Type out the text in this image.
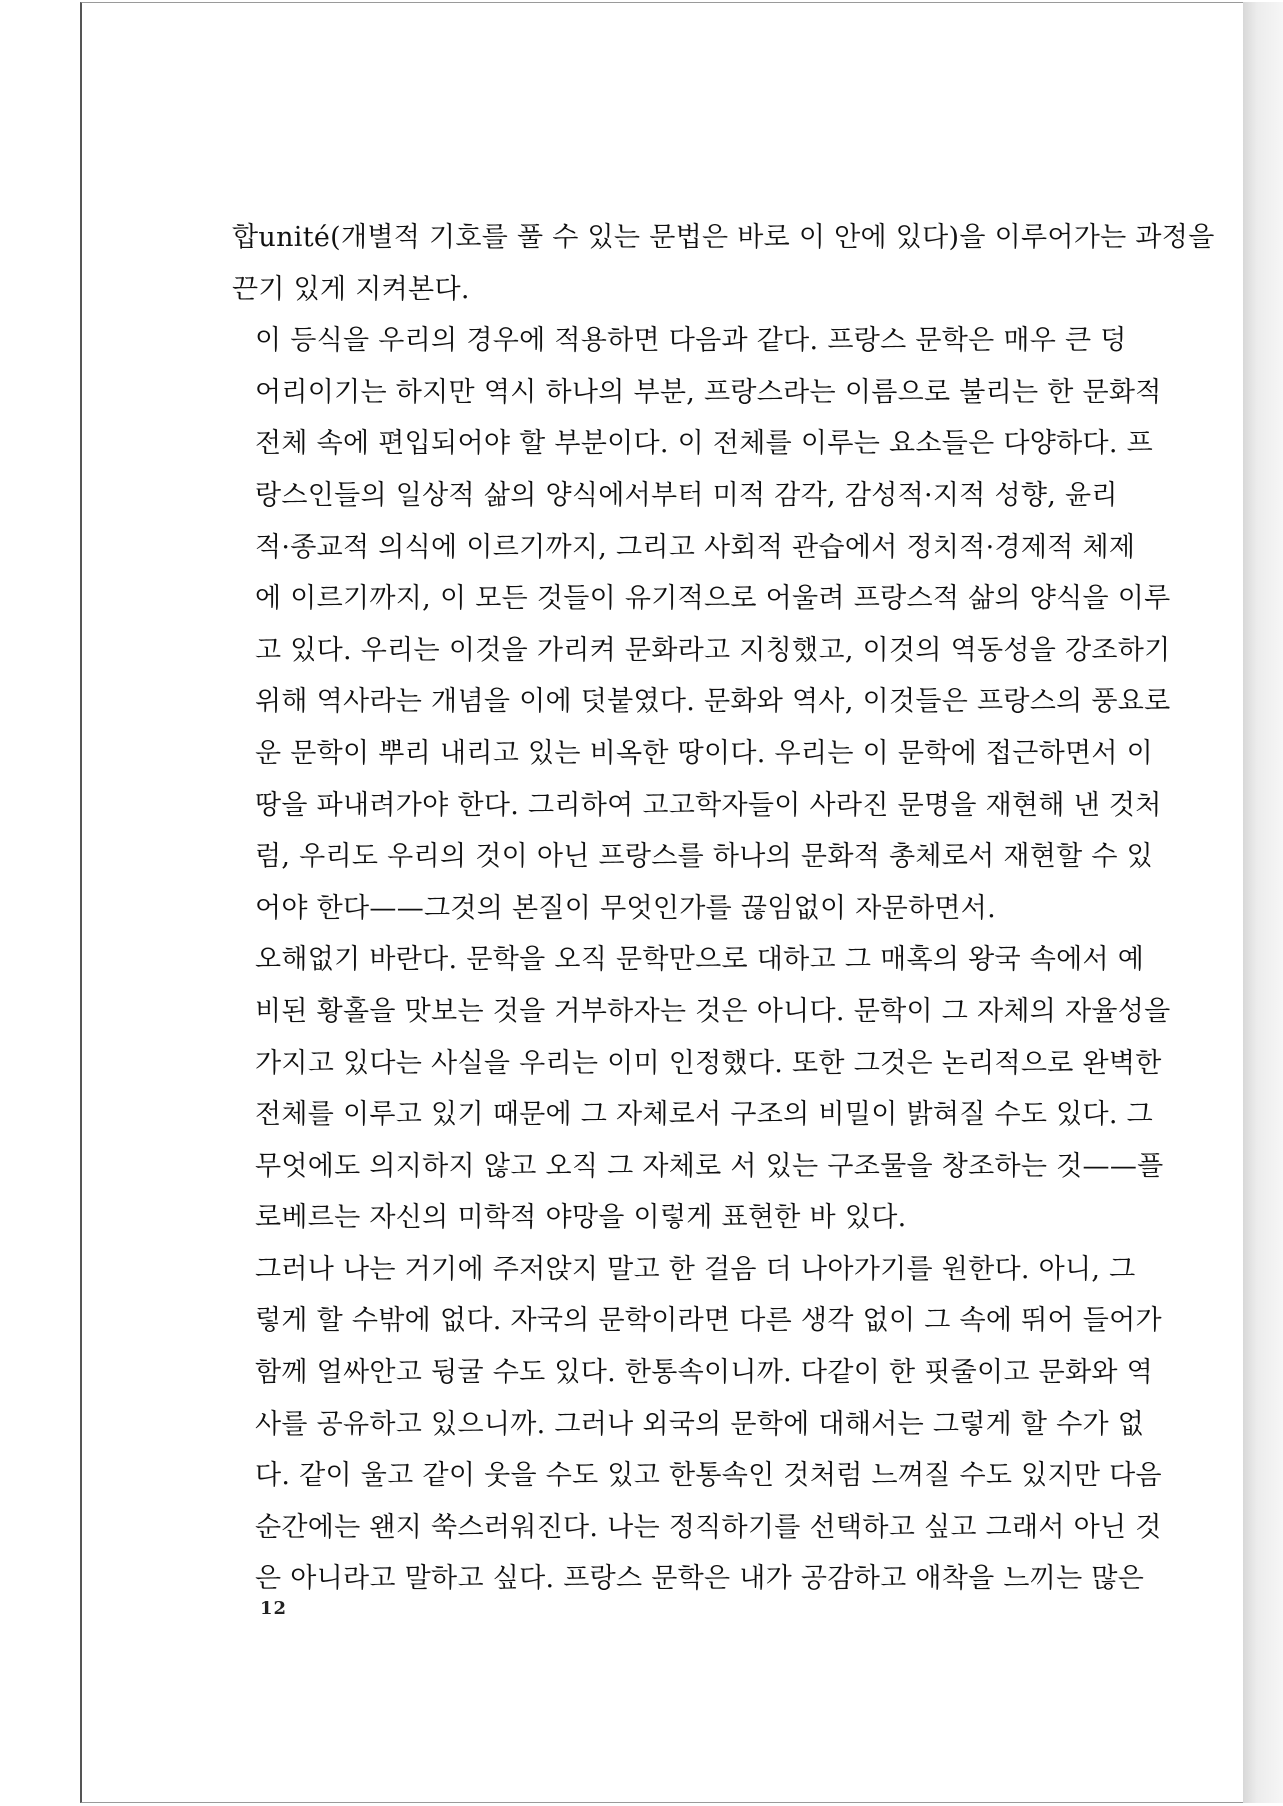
합unité(개별적 기호를 풀 수 있는 문법은 바로 이 안에 있다)을 이루어가는 과정을
끈기 있게 지켜본다.

이 등식을 우리의 경우에 적용하면 다음과 같다. 프랑스 문학은 매우 큰 덩
어리이기는 하지만 역시 하나의 부분, 프랑스라는 이름으로 불리는 한 문화적
전체 속에 편입되어야 할 부분이다. 이 전체를 이루는 요소들은 다양하다. 프
랑스인들의 일상적 삶의 양식에서부터 미적 감각, 감성적·지적 성향, 윤리
적·종교적 의식에 이르기까지, 그리고 사회적 관습에서 정치적·경제적 체제
에 이르기까지, 이 모든 것들이 유기적으로 어울려 프랑스적 삶의 양식을 이루
고 있다. 우리는 이것을 가리켜 문화라고 지칭했고, 이것의 역동성을 강조하기
위해 역사라는 개념을 이에 덧붙였다. 문화와 역사, 이것들은 프랑스의 풍요로
운 문학이 뿌리 내리고 있는 비옥한 땅이다. 우리는 이 문학에 접근하면서 이
땅을 파내려가야 한다. 그리하여 고고학자들이 사라진 문명을 재현해 낸 것처
럼, 우리도 우리의 것이 아닌 프랑스를 하나의 문화적 총체로서 재현할 수 있
어야 한다——그것의 본질이 무엇인가를 끊임없이 자문하면서.

오해없기 바란다. 문학을 오직 문학만으로 대하고 그 매혹의 왕국 속에서 예
비된 황홀을 맛보는 것을 거부하자는 것은 아니다. 문학이 그 자체의 자율성을
가지고 있다는 사실을 우리는 이미 인정했다. 또한 그것은 논리적으로 완벽한
전체를 이루고 있기 때문에 그 자체로서 구조의 비밀이 밝혀질 수도 있다. 그
무엇에도 의지하지 않고 오직 그 자체로 서 있는 구조물을 창조하는 것——플
로베르는 자신의 미학적 야망을 이렇게 표현한 바 있다.

그러나 나는 거기에 주저앉지 말고 한 걸음 더 나아가기를 원한다. 아니, 그
렇게 할 수밖에 없다. 자국의 문학이라면 다른 생각 없이 그 속에 뛰어 들어가
함께 얼싸안고 뒹굴 수도 있다. 한통속이니까. 다같이 한 핏줄이고 문화와 역
사를 공유하고 있으니까. 그러나 외국의 문학에 대해서는 그렇게 할 수가 없
다. 같이 울고 같이 웃을 수도 있고 한통속인 것처럼 느껴질 수도 있지만 다음
순간에는 왠지 쑥스러워진다. 나는 정직하기를 선택하고 싶고 그래서 아닌 것
은 아니라고 말하고 싶다. 프랑스 문학은 내가 공감하고 애착을 느끼는 많은

12
